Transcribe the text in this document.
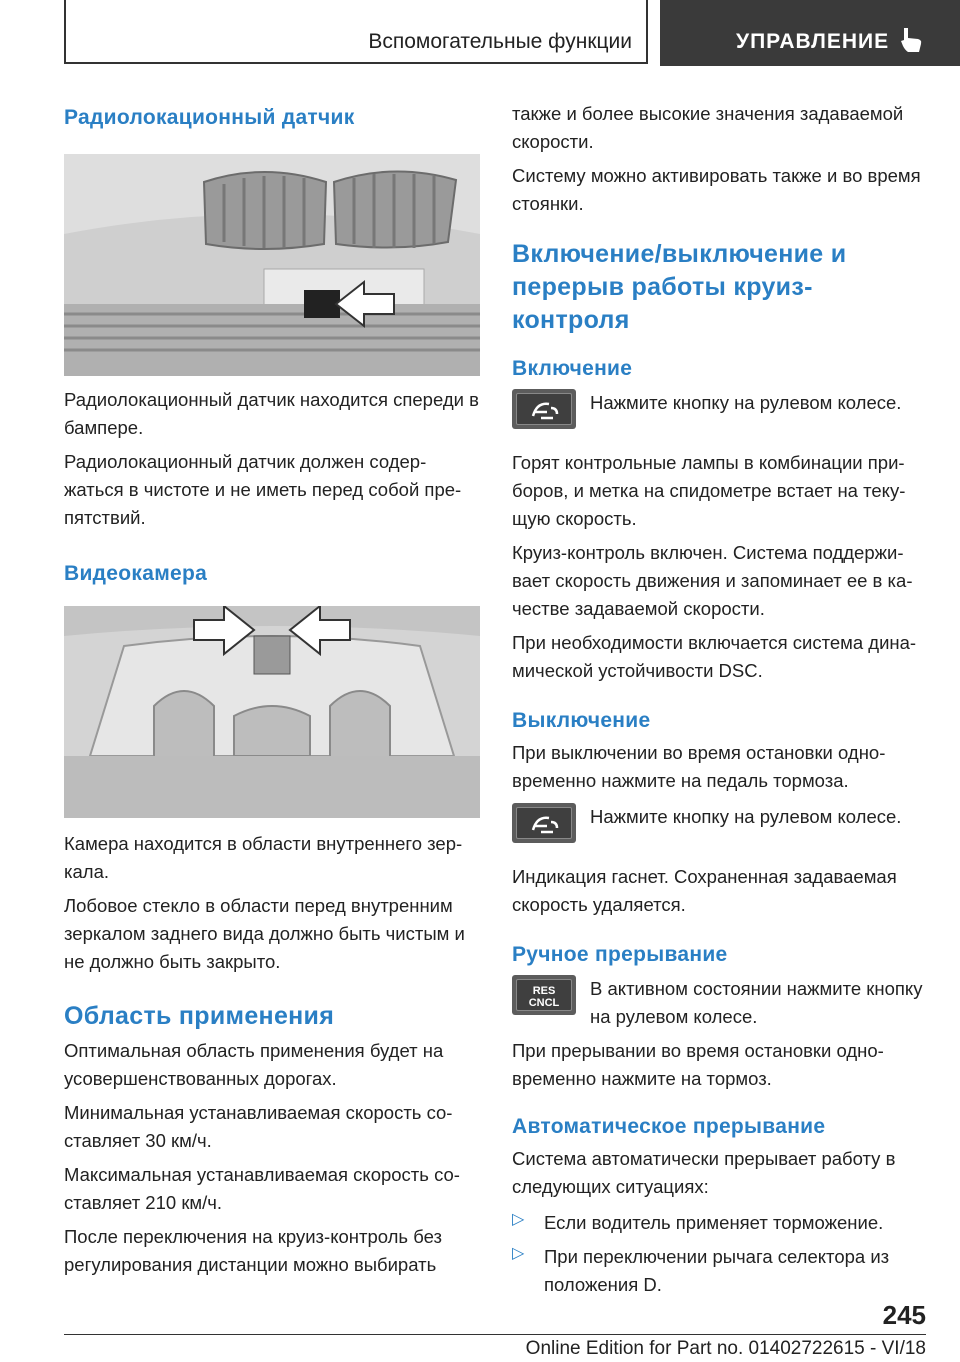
Вспомогательные функции	УПРАВЛЕНИЕ
Радиолокационный датчик

Радиолокационный датчик находится спереди в бампере.

Радиолокационный датчик должен содер-

жаться в чистоте и не иметь перед собой пре-

пятствий.

Видеокамера

Камера находится в области внутреннего зер-

кала.

Лобовое стекло в области перед внутренним зеркалом заднего вида должно быть чистым и не должно быть закрыто.

Область применения

Оптимальная область применения будет на усовершенствованных дорогах.

Минимальная устанавливаемая скорость со-

ставляет 30 км/ч.

Максимальная устанавливаемая скорость со-

ставляет 210 км/ч.

После переключения на круиз-контроль без регулирования дистанции можно выбирать

также и более высокие значения задаваемой скорости.

Систему можно активировать также и во время стоянки.

Включение/выключение и перерыв работы круиз-контроля
Включение

Нажмите кнопку на рулевом колесе.

Горят контрольные лампы в комбинации при-

боров, и метка на спидометре встает на теку-

щую скорость.

Круиз-контроль включен. Система поддержи-

вает скорость движения и запоминает ее в ка-

честве задаваемой скорости.

При необходимости включается система дина-

мической устойчивости DSC.

Выключение

При выключении во время остановки одно-

временно нажмите на педаль тормоза.

Нажмите кнопку на рулевом колесе.

Индикация гаснет. Сохраненная задаваемая скорость удаляется.

Ручное прерывание
RES
CNCL

В активном состоянии нажмите кнопку на рулевом колесе.

При прерывании во время остановки одно-

временно нажмите на тормоз.

Автоматическое прерывание

Система автоматически прерывает работу в следующих ситуациях:

▷ Если водитель применяет торможение.

▷ При переключении рычага селектора из положения D.

245
Online Edition for Part no. 01402722615 - VI/18
